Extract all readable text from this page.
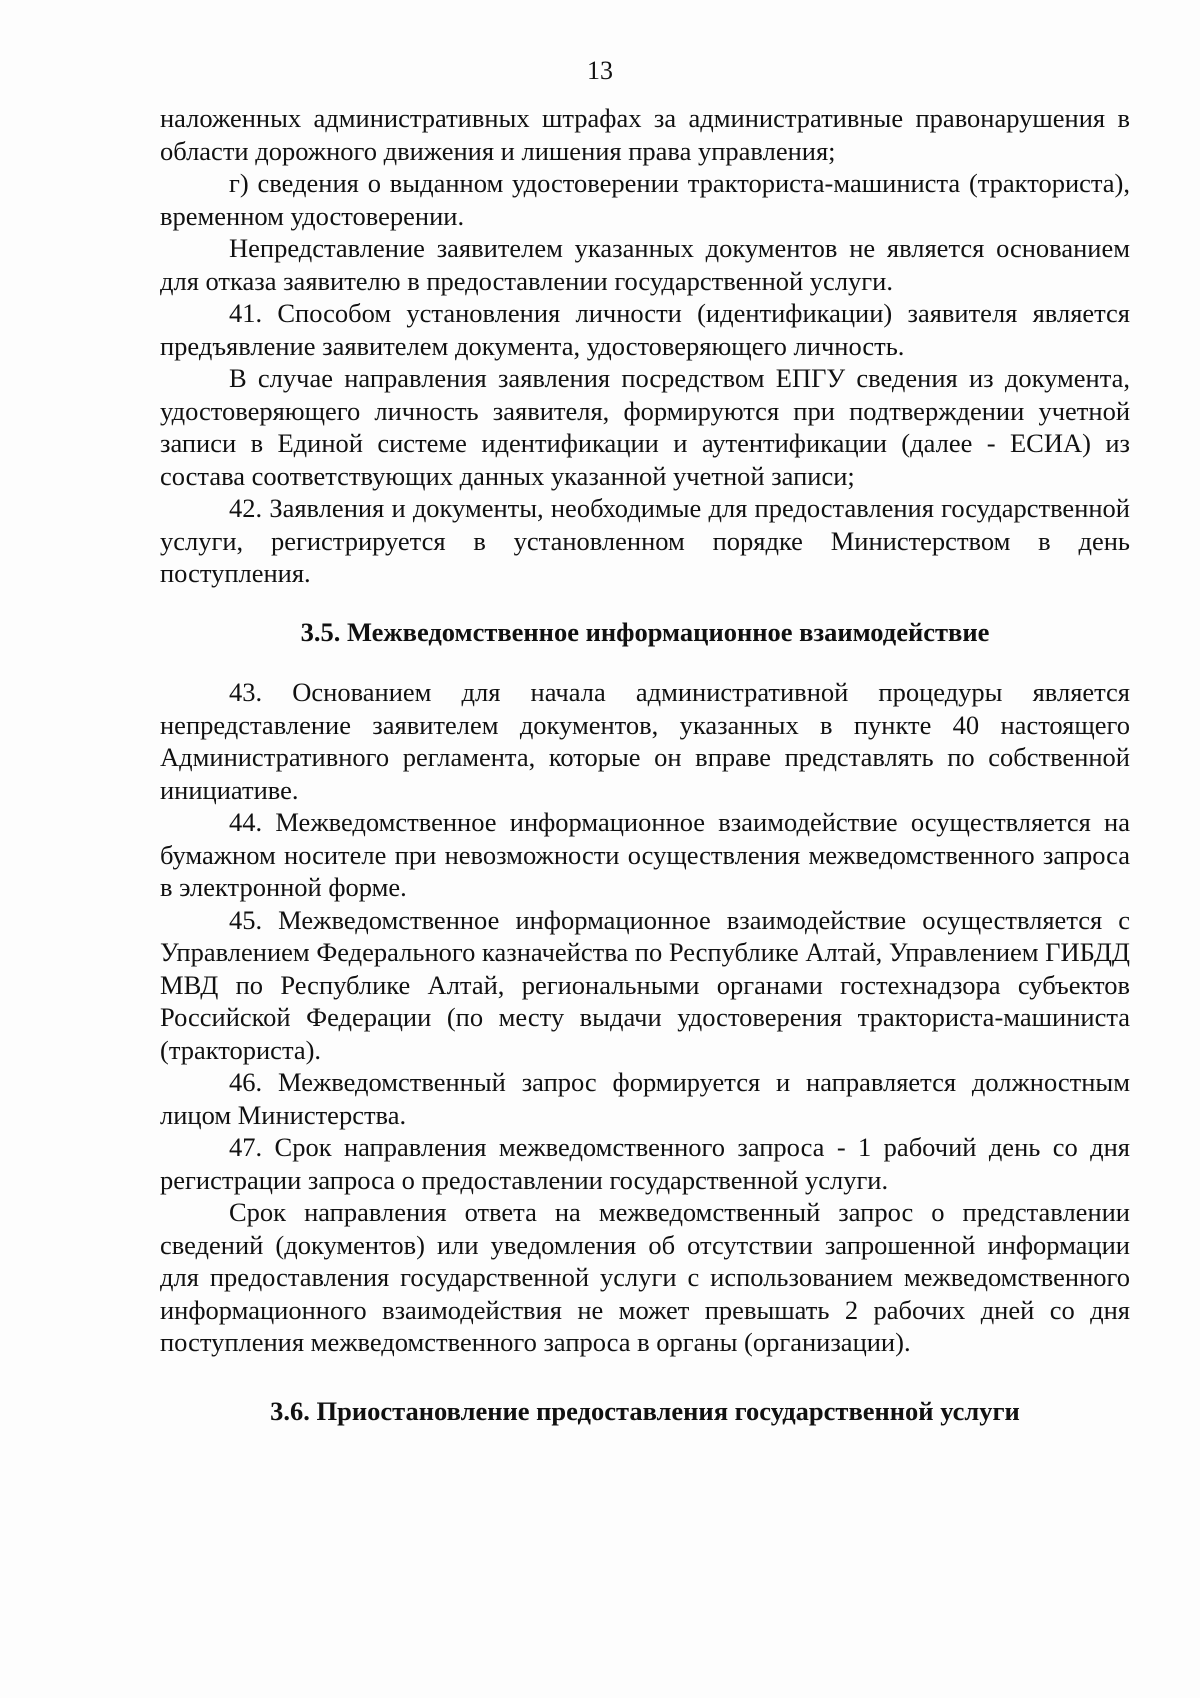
13

наложенных административных штрафах за административные правонарушения в области дорожного движения и лишения права управления;

г) сведения о выданном удостоверении тракториста-машиниста (тракториста), временном удостоверении.

Непредставление заявителем указанных документов не является основанием для отказа заявителю в предоставлении государственной услуги.

41. Способом установления личности (идентификации) заявителя является предъявление заявителем документа, удостоверяющего личность.

В случае направления заявления посредством ЕПГУ сведения из документа, удостоверяющего личность заявителя, формируются при подтверждении учетной записи в Единой системе идентификации и аутентификации (далее - ЕСИА) из состава соответствующих данных указанной учетной записи;

42. Заявления и документы, необходимые для предоставления государственной услуги, регистрируется в установленном порядке Министерством в день поступления.

3.5. Межведомственное информационное взаимодействие

43. Основанием для начала административной процедуры является непредставление заявителем документов, указанных в пункте 40 настоящего Административного регламента, которые он вправе представлять по собственной инициативе.

44. Межведомственное информационное взаимодействие осуществляется на бумажном носителе при невозможности осуществления межведомственного запроса в электронной форме.

45. Межведомственное информационное взаимодействие осуществляется с Управлением Федерального казначейства по Республике Алтай, Управлением ГИБДД МВД по Республике Алтай, региональными органами гостехнадзора субъектов Российской Федерации (по месту выдачи удостоверения тракториста-машиниста (тракториста).

46. Межведомственный запрос формируется и направляется должностным лицом Министерства.

47. Срок направления межведомственного запроса - 1 рабочий день со дня регистрации запроса о предоставлении государственной услуги.

Срок направления ответа на межведомственный запрос о представлении сведений (документов) или уведомления об отсутствии запрошенной информации для предоставления государственной услуги с использованием межведомственного информационного взаимодействия не может превышать 2 рабочих дней со дня поступления межведомственного запроса в органы (организации).

3.6. Приостановление предоставления государственной услуги
